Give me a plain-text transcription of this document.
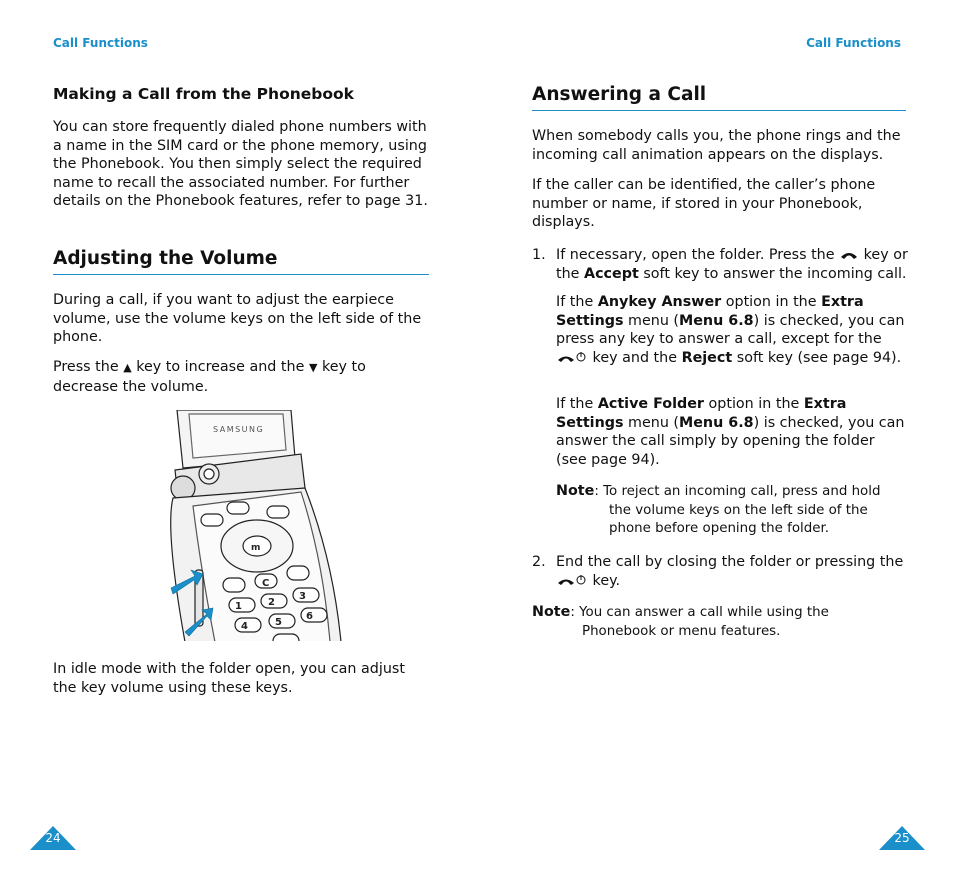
Call Functions
Making a Call from the Phonebook

You can store frequently dialed phone numbers with a name in the SIM card or the phone memory, using the Phonebook. You then simply select the required name to recall the associated number. For further details on the Phonebook features, refer to page 31.

Adjusting the Volume

During a call, if you want to adjust the earpiece volume, use the volume keys on the left side of the phone.

Press the ▲ key to increase and the ▼ key to decrease the volume.

SAMSUNG
1	2
3
4	5
6
C
m

In idle mode with the folder open, you can adjust the key volume using these keys.

24
Call Functions
Answering a Call

When somebody calls you, the phone rings and the incoming call animation appears on the displays.

If the caller can be identified, the caller’s phone number or name, if stored in your Phonebook, displays.

1. If necessary, open the folder. Press the key or the Accept soft key to answer the incoming call.

If the Anykey Answer option in the Extra Settings menu (Menu 6.8) is checked, you can press any key to answer a call, except for the  key and the Reject soft key (see page 94).

If the Active Folder option in the Extra Settings menu (Menu 6.8) is checked, you can answer the call simply by opening the folder (see page 94).

Note: To reject an incoming call, press and hold

the volume keys on the left side of the

phone before opening the folder.

2. End the call by closing the folder or pressing the  key.

Note: You can answer a call while using the

Phonebook or menu features.

25
